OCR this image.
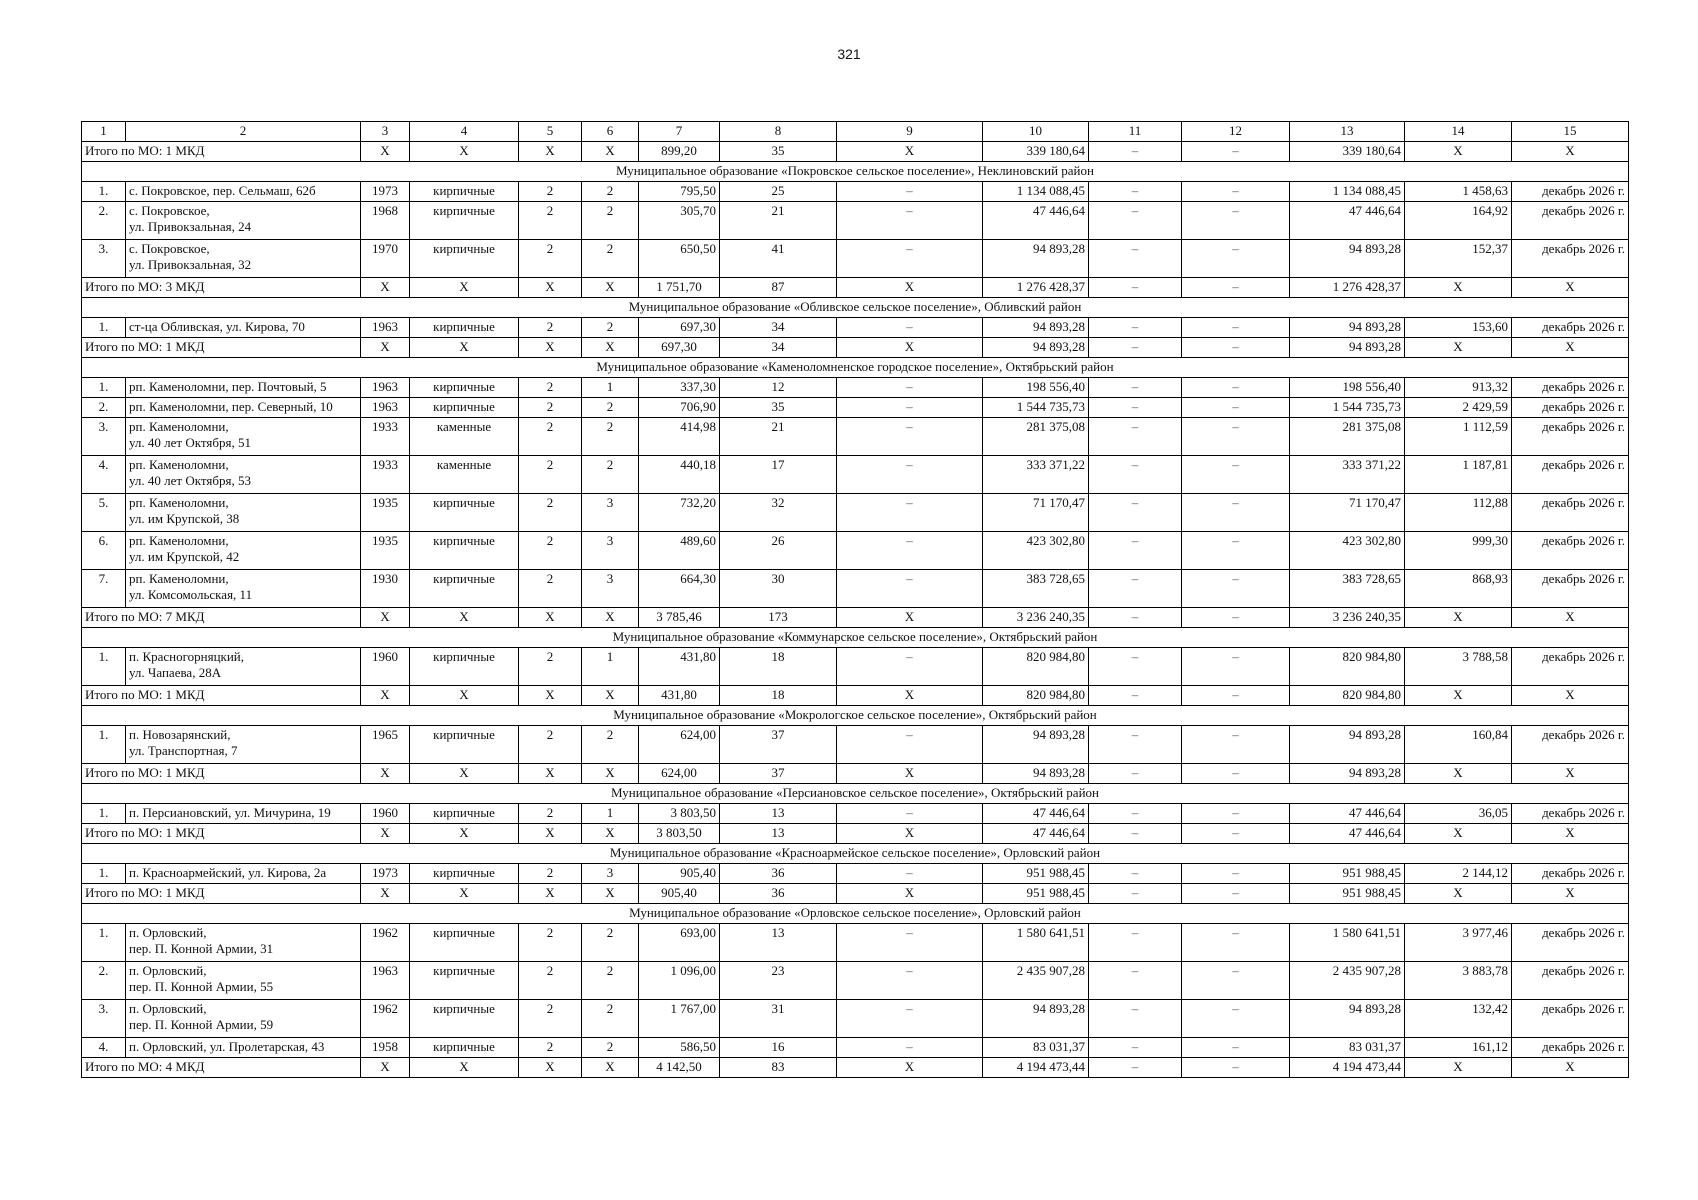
321
1	2	3	4	5	6	7	8	9	10	11	12	13	14	15
Итого по МО: 1 МКД		X	X	X	X	899,20	35	X	339 180,64	–	–	339 180,64	X	X
Муниципальное образование «Покровское сельское поселение», Неклиновский район														
1.	с. Покровское, пер. Сельмаш, 62б	1973	кирпичные	2	2	795,50	25	–	1 134 088,45	–	–	1 134 088,45	1 458,63	декабрь 2026 г.
2.	с. Покровское,
ул. Привокзальная, 24	1968	кирпичные	2	2	305,70	21	–	47 446,64	–	–	47 446,64	164,92	декабрь 2026 г.
3.	с. Покровское,
ул. Привокзальная, 32	1970	кирпичные	2	2	650,50	41	–	94 893,28	–	–	94 893,28	152,37	декабрь 2026 г.
Итого по МО: 3 МКД		X	X	X	X	1 751,70	87	X	1 276 428,37	–	–	1 276 428,37	X	X
Муниципальное образование «Обливское сельское поселение», Обливский район														
1.	ст-ца Обливская, ул. Кирова, 70	1963	кирпичные	2	2	697,30	34	–	94 893,28	–	–	94 893,28	153,60	декабрь 2026 г.
Итого по МО: 1 МКД		X	X	X	X	697,30	34	X	94 893,28	–	–	94 893,28	X	X
Муниципальное образование «Каменоломненское городское поселение», Октябрьский район														
1.	рп. Каменоломни, пер. Почтовый, 5	1963	кирпичные	2	1	337,30	12	–	198 556,40	–	–	198 556,40	913,32	декабрь 2026 г.
2.	рп. Каменоломни, пер. Северный, 10	1963	кирпичные	2	2	706,90	35	–	1 544 735,73	–	–	1 544 735,73	2 429,59	декабрь 2026 г.
3.	рп. Каменоломни,
ул. 40 лет Октября, 51	1933	каменные	2	2	414,98	21	–	281 375,08	–	–	281 375,08	1 112,59	декабрь 2026 г.
4.	рп. Каменоломни,
ул. 40 лет Октября, 53	1933	каменные	2	2	440,18	17	–	333 371,22	–	–	333 371,22	1 187,81	декабрь 2026 г.
5.	рп. Каменоломни,
ул. им Крупской, 38	1935	кирпичные	2	3	732,20	32	–	71 170,47	–	–	71 170,47	112,88	декабрь 2026 г.
6.	рп. Каменоломни,
ул. им Крупской, 42	1935	кирпичные	2	3	489,60	26	–	423 302,80	–	–	423 302,80	999,30	декабрь 2026 г.
7.	рп. Каменоломни,
ул. Комсомольская, 11	1930	кирпичные	2	3	664,30	30	–	383 728,65	–	–	383 728,65	868,93	декабрь 2026 г.
Итого по МО: 7 МКД		X	X	X	X	3 785,46	173	X	3 236 240,35	–	–	3 236 240,35	X	X
Муниципальное образование «Коммунарское сельское поселение», Октябрьский район														
1.	п. Красногорняцкий,
ул. Чапаева, 28А	1960	кирпичные	2	1	431,80	18	–	820 984,80	–	–	820 984,80	3 788,58	декабрь 2026 г.
Итого по МО: 1 МКД		X	X	X	X	431,80	18	X	820 984,80	–	–	820 984,80	X	X
Муниципальное образование «Мокрологское сельское поселение», Октябрьский район														
1.	п. Новозарянский,
ул. Транспортная, 7	1965	кирпичные	2	2	624,00	37	–	94 893,28	–	–	94 893,28	160,84	декабрь 2026 г.
Итого по МО: 1 МКД		X	X	X	X	624,00	37	X	94 893,28	–	–	94 893,28	X	X
Муниципальное образование «Персиановское сельское поселение», Октябрьский район														
1.	п. Персиановский, ул. Мичурина, 19	1960	кирпичные	2	1	3 803,50	13	–	47 446,64	–	–	47 446,64	36,05	декабрь 2026 г.
Итого по МО: 1 МКД		X	X	X	X	3 803,50	13	X	47 446,64	–	–	47 446,64	X	X
Муниципальное образование «Красноармейское сельское поселение», Орловский район														
1.	п. Красноармейский, ул. Кирова, 2а	1973	кирпичные	2	3	905,40	36	–	951 988,45	–	–	951 988,45	2 144,12	декабрь 2026 г.
Итого по МО: 1 МКД		X	X	X	X	905,40	36	X	951 988,45	–	–	951 988,45	X	X
Муниципальное образование «Орловское сельское поселение», Орловский район														
1.	п. Орловский,
пер. П. Конной Армии, 31	1962	кирпичные	2	2	693,00	13	–	1 580 641,51	–	–	1 580 641,51	3 977,46	декабрь 2026 г.
2.	п. Орловский,
пер. П. Конной Армии, 55	1963	кирпичные	2	2	1 096,00	23	–	2 435 907,28	–	–	2 435 907,28	3 883,78	декабрь 2026 г.
3.	п. Орловский,
пер. П. Конной Армии, 59	1962	кирпичные	2	2	1 767,00	31	–	94 893,28	–	–	94 893,28	132,42	декабрь 2026 г.
4.	п. Орловский, ул. Пролетарская, 43	1958	кирпичные	2	2	586,50	16	–	83 031,37	–	–	83 031,37	161,12	декабрь 2026 г.
Итого по МО: 4 МКД		X	X	X	X	4 142,50	83	X	4 194 473,44	–	–	4 194 473,44	X	X
